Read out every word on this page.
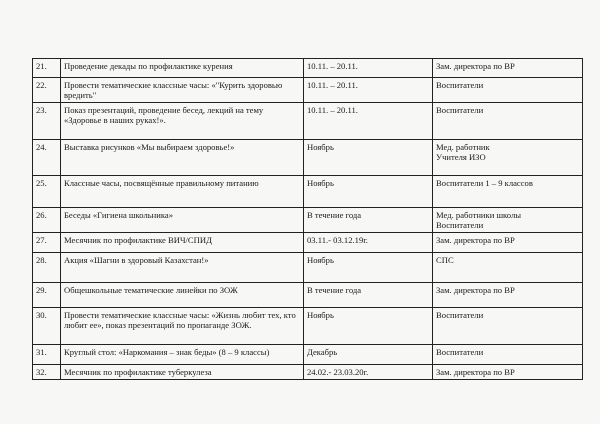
21.	Проведение декады по профилактике курения	10.11. – 20.11.	Зам. директора по ВР

22.	Провести тематические классные часы: «"Курить здоровью вредить"	10.11. – 20.11.	Воспитатели

23.	Показ презентаций, проведение бесед, лекций на тему «Здоровье в наших руках!».	10.11. – 20.11.	Воспитатели

24.	Выставка рисунков «Мы выбираем здоровье!»	Ноябрь	Мед. работник
Учителя ИЗО

25.	Классные часы, посвящённые правильному питанию	Ноябрь	Воспитатели 1 – 9 классов

26.	Беседы «Гигиена школьника»	В течение года	Мед. работники школы
Воспитатели

27.	Месячник по профилактике ВИЧ/СПИД	03.11.- 03.12.19г.	Зам. директора по ВР

28.	Акция «Шагни в здоровый Казахстан!»	Ноябрь	СПС

29.	Общешкольные тематические линейки по ЗОЖ	В течение года	Зам. директора по ВР

30.	Провести тематические классные часы: «Жизнь любит тех, кто любит ее», показ презентаций по пропаганде ЗОЖ.	Ноябрь	Воспитатели

31.	Круглый стол: «Наркомания – знак беды» (8 – 9 классы)	Декабрь	Воспитатели

32.	Месячник по профилактике туберкулеза	24.02.- 23.03.20г.	Зам. директора по ВР
